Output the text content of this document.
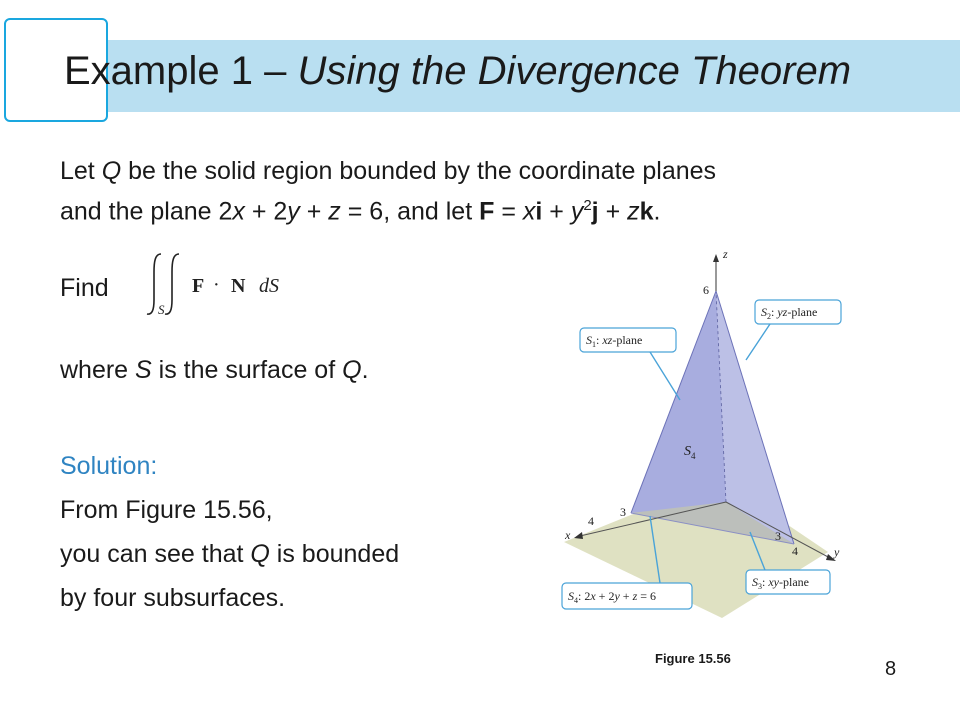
Example 1 – Using the Divergence Theorem
Let Q be the solid region bounded by the coordinate planes
and the plane 2x + 2y + z = 6, and let F = xi + $y^2j$ + zk.
Find
S
F · N dS
where S is the surface of Q.
Solution:
From Figure 15.56,
you can see that Q is bounded
by four subsurfaces.
z
x
y
6
3
4
3
4
$S_4$
$S_1$: xz-plane
$S_2$: yz-plane
$S_3$: xy-plane
$S_4$: 2x + 2y + z = 6
Figure 15.56	8
